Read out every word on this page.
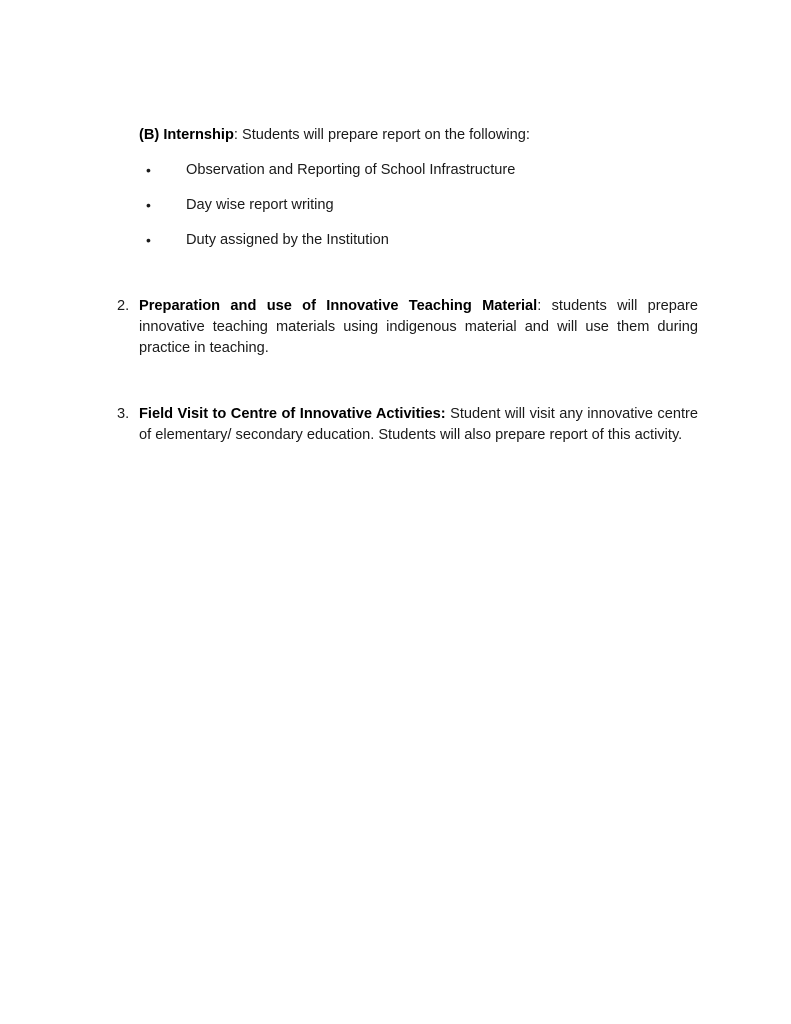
(B) Internship: Students will prepare report on the following:
•	Observation and Reporting of School Infrastructure
•	Day wise report writing
•	Duty assigned by the Institution
2. Preparation and use of Innovative Teaching Material: students will prepare innovative teaching materials using indigenous material and will use them during practice in teaching.
3. Field Visit to Centre of Innovative Activities: Student will visit any innovative centre of elementary/ secondary education. Students will also prepare report of this activity.
